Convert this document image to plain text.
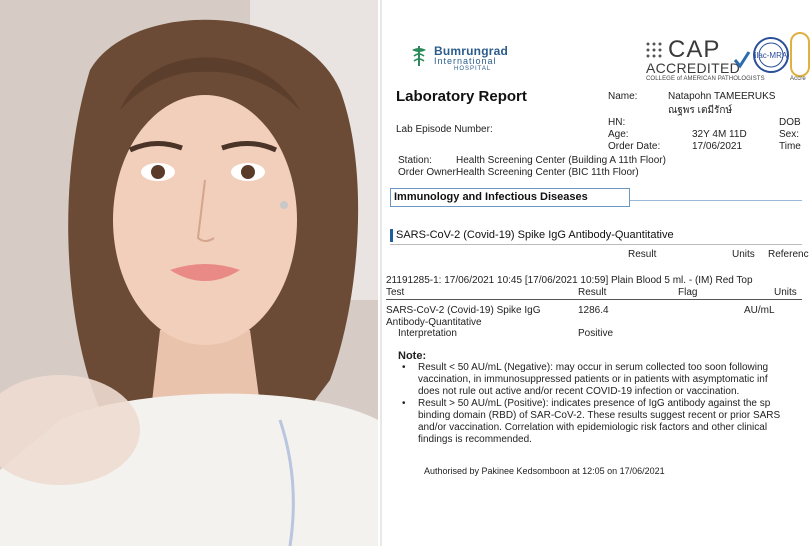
Bumrungrad
International
HOSPITAL
CAP
ACCREDITED
COLLEGE of AMERICAN PATHOLOGISTS
ilac-MRA
Accre
Laboratory Report	Name:	Natapohn TAMEERUKS
ณฐพร เตมีรักษ์
HN:
Lab Episode Number:	Age:	32Y 4M 11D
Order Date:	17/06/2021
DOB
Sex:
Time
Station: Health Screening Center (Building A 11th Floor)
Order Owner:
Health Screening Center (BIC 11th Floor)
Immunology and Infectious Diseases
SARS-CoV-2 (Covid-19) Spike IgG Antibody-Quantitative
Result	Units Referenc
21191285-1: 17/06/2021 10:45 [17/06/2021 10:59] Plain Blood 5 ml. - (IM) Red Top
Test	Result	Flag	Units
SARS-CoV-2 (Covid-19) Spike IgG	1286.4	AU/mL
Antibody-Quantitative
Interpretation	Positive
Note:
• Result < 50 AU/mL (Negative): may occur in serum collected too soon following
vaccination, in immunosuppressed patients or in patients with asymptomatic inf
does not rule out active and/or recent COVID-19 infection or vaccination.
• Result > 50 AU/mL (Positive): indicates presence of IgG antibody against the sp
binding domain (RBD) of SAR-CoV-2. These results suggest recent or prior SARS
and/or vaccination. Correlation with epidemiologic risk factors and other clinical
findings is recommended.
Authorised by Pakinee Kedsomboon at 12:05 on 17/06/2021
